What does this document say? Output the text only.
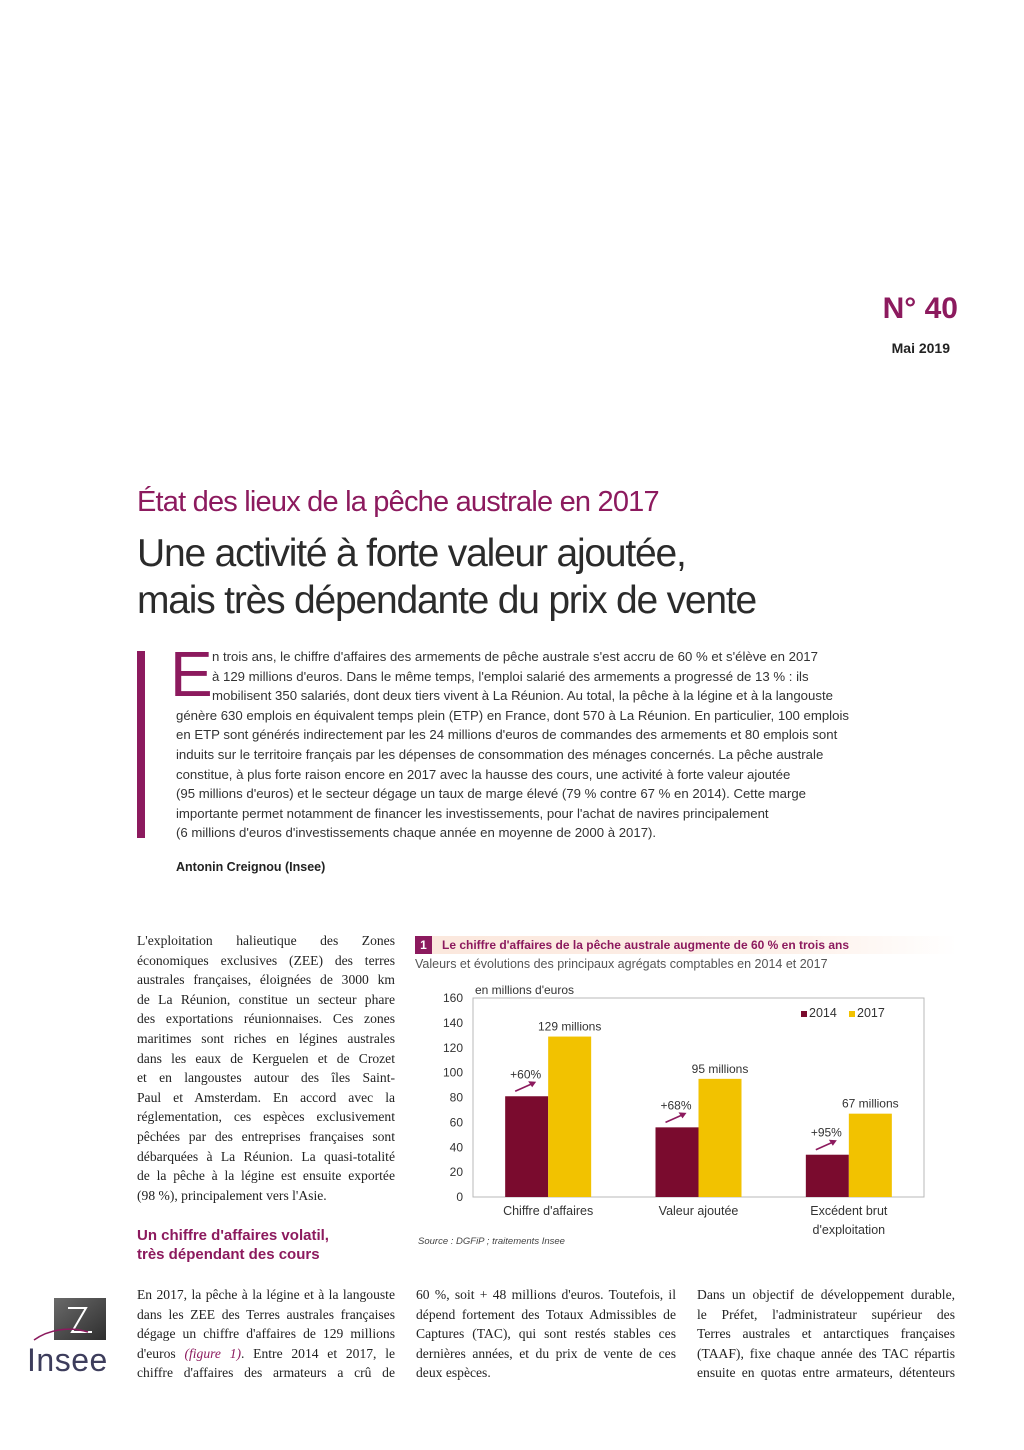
N° 40
Mai 2019
État des lieux de la pêche australe en 2017
Une activité à forte valeur ajoutée,
mais très dépendante du prix de vente
E n trois ans, le chiffre d'affaires des armements de pêche australe s'est accru de 60 % et s'élève en 2017
à 129 millions d'euros. Dans le même temps, l'emploi salarié des armements a progressé de 13 % : ils
mobilisent 350 salariés, dont deux tiers vivent à La Réunion. Au total, la pêche à la légine et à la langouste
génère 630 emplois en équivalent temps plein (ETP) en France, dont 570 à La Réunion. En particulier, 100 emplois
en ETP sont générés indirectement par les 24 millions d'euros de commandes des armements et 80 emplois sont
induits sur le territoire français par les dépenses de consommation des ménages concernés. La pêche australe
constitue, à plus forte raison encore en 2017 avec la hausse des cours, une activité à forte valeur ajoutée
(95 millions d'euros) et le secteur dégage un taux de marge élevé (79 % contre 67 % en 2014). Cette marge
importante permet notamment de financer les investissements, pour l'achat de navires principalement
(6 millions d'euros d'investissements chaque année en moyenne de 2000 à 2017).
Antonin Creignou (Insee)
L'exploitation halieutique des Zones
économiques exclusives (ZEE) des terres
australes françaises, éloignées de 3000 km
de La Réunion, constitue un secteur phare
des exportations réunionnaises. Ces zones
maritimes sont riches en légines australes
dans les eaux de Kerguelen et de Crozet
et en langoustes autour des îles Saint-
Paul et Amsterdam. En accord avec la
réglementation, ces espèces exclusivement
pêchées par des entreprises françaises sont
débarquées à La Réunion. La quasi-totalité
de la pêche à la légine est ensuite exportée
(98 %), principalement vers l'Asie.
Un chiffre d'affaires volatil,
très dépendant des cours
En 2017, la pêche à la légine et à la langouste
dans les ZEE des Terres australes françaises
dégage un chiffre d'affaires de 129 millions
d'euros (figure 1). Entre 2014 et 2017, le
chiffre d'affaires des armateurs a crû de
60 %, soit + 48 millions d'euros. Toutefois, il
dépend fortement des Totaux Admissibles de
Captures (TAC), qui sont restés stables ces
dernières années, et du prix de vente de ces
deux espèces.
Dans un objectif de développement durable,
le Préfet, l'administrateur supérieur des
Terres australes et antarctiques françaises
(TAAF), fixe chaque année des TAC répartis
ensuite en quotas entre armateurs, détenteurs
1	Le chiffre d'affaires de la pêche australe augmente de 60 % en trois ans
Valeurs et évolutions des principaux agrégats comptables en 2014 et 2017
0
20
40
60
80
100
120
140
160
en millions d'euros
129 millions
+60%
Chiffre d'affaires
95 millions
+68%
Valeur ajoutée
67 millions
+95%
Excédent brut
d'exploitation
2014 2017
Source : DGFiP ; traitements Insee
Insee
